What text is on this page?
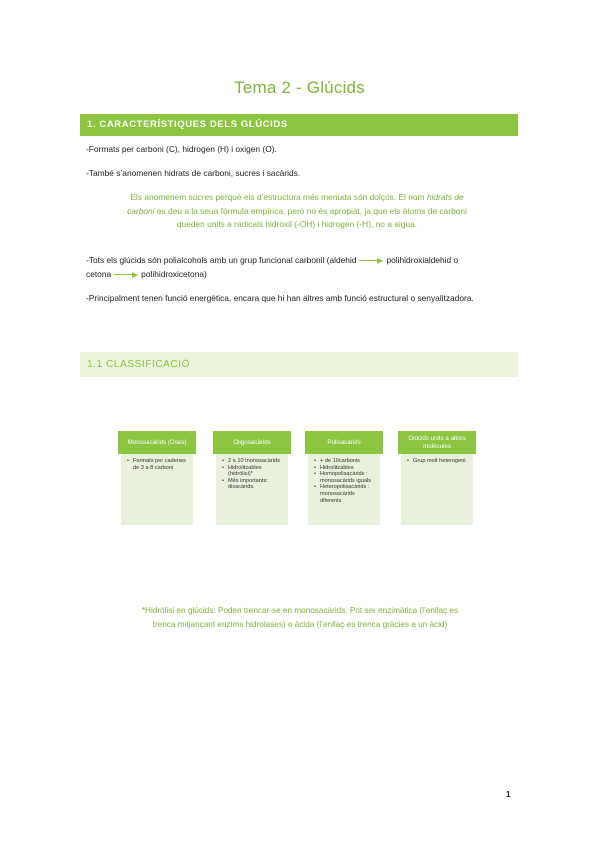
Tema 2 - Glúcids
1. CARACTERÍSTIQUES DELS GLÚCIDS
-Formats per carboni (C), hidrogen (H) i oxigen (O).
-També s’anomenen hidrats de carboni, sucres i sacàrids.
Els anomenem sucres perquè els d’estructura més menuda són dolços. El nom hidrats de carboni es deu a la seua fórmula empírica, però no és apropiat, ja que els àtoms de carboni queden units a radicals hidroxil (-OH) i hidrogen (-H), no a aigua.
-Tots els glúcids són polialcohols amb un grup funcional carbonil (aldehid	polihidroxialdehid o
cetona	polihidroxicetona)
-Principalment tenen funció energètica, encara que hi han altres amb funció estructural o senyalitzadora.
1.1 CLASSIFICACIÓ
Monosacàrids (Oses)
• Formats per cadenes de 3 a 8 carboni
Oligosacàrids
• 2 a 10 monosacàrids
• Hidrolitzables (hidròlisi)*
• Més importants: disacàrids.
Polisacàrids
• + de 10carbonis
• Hidrolitzables
• Homopolisacàrids : monosacàrids iguals
• Heteropolisacàrids : monosacàrids diferents
Glúcids units a altres molècules
• Grup molt heterogeni
*Hidròlisi en glúcids: Poden trencar-se en monosacàrids. Pot ser enzimàtica (l’enllaç es trenca mitjançant enzims hidrolases) o àcida (l’enllaç es trenca gràcies a un àcid)
1
